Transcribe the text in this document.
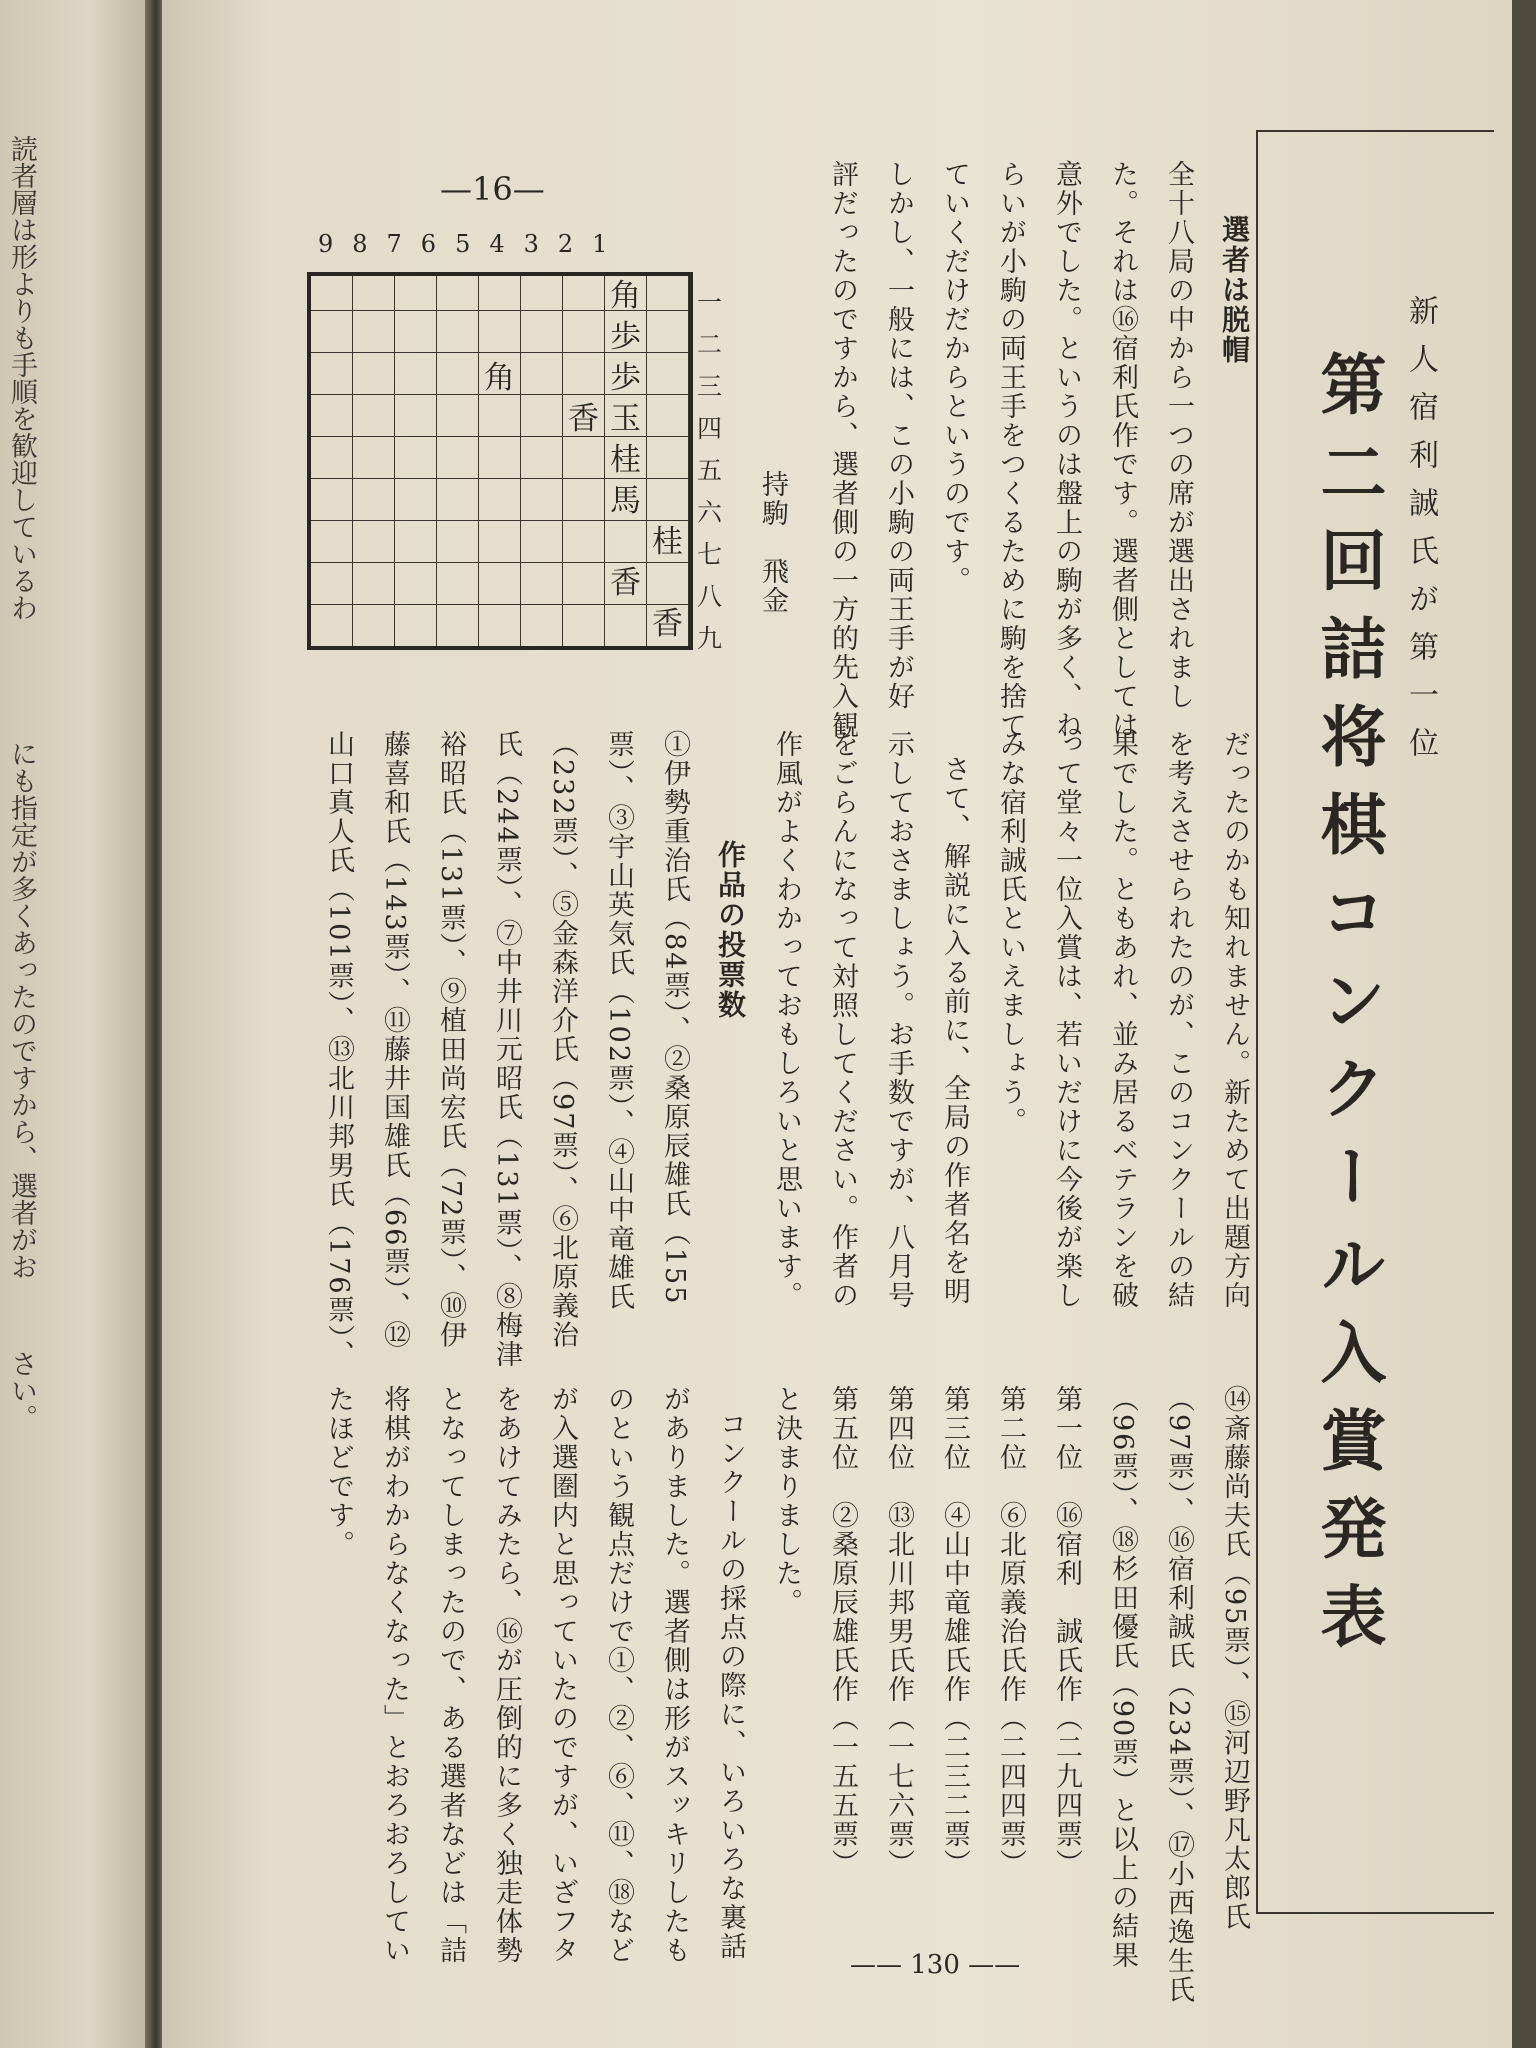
読者層は形よりも手順を歓迎しているわ
にも指定が多くあったのですから、選者がお
さい。
新人宿利誠氏が第一位
第二回詰将棋コンクール入賞発表
選者は脱帽
全十八局の中から一つの席が選出されまし
た。それは⑯宿利氏作です。選者側としては
意外でした。というのは盤上の駒が多く、ね
らいが小駒の両王手をつくるために駒を捨て
ていくだけだからというのです。
しかし、一般には、この小駒の両王手が好
評だったのですから、選者側の一方的先入観
—16—
987654321
角
歩
歩
玉
桂
馬
香
桂
香
香
角
一
二
三
四
五
六
七
八
九
持駒　飛金
⑭斎藤尚夫氏（95票）、⑮河辺野凡太郎氏
（97票）、⑯宿利誠氏（234票）、⑰小西逸生氏
（96票）、⑱杉田優氏（90票）と以上の結果
第一位　⑯宿利　誠氏作（二九四票）
第二位　⑥北原義治氏作（二四四票）
第三位　④山中竜雄氏作（二三二票）
第四位　⑬北川邦男氏作（一七六票）
第五位　②桑原辰雄氏作（一五五票）
と決まりました。
コンクールの採点の際に、いろいろな裏話
がありました。選者側は形がスッキリしたも
のという観点だけで①、②、⑥、⑪、⑱など
が入選圏内と思っていたのですが、いざフタ
をあけてみたら、⑯が圧倒的に多く独走体勢
となってしまったので、ある選者などは「詰
将棋がわからなくなった」とおろおろしてい
たほどです。
だったのかも知れません。新ためて出題方向
を考えさせられたのが、このコンクールの結
果でした。ともあれ、並み居るベテランを破
って堂々一位入賞は、若いだけに今後が楽し
みな宿利誠氏といえましょう。
さて、解説に入る前に、全局の作者名を明
示しておさましょう。お手数ですが、八月号
をごらんになって対照してください。作者の
作風がよくわかっておもしろいと思います。
作品の投票数
①伊勢重治氏（84票）、②桑原辰雄氏（155
票）、③宇山英気氏（102票）、④山中竜雄氏
（232票）、⑤金森洋介氏（97票）、⑥北原義治
氏（244票）、⑦中井川元昭氏（131票）、⑧梅津
裕昭氏（131票）、⑨植田尚宏氏（72票）、⑩伊
藤喜和氏（143票）、⑪藤井国雄氏（66票）、⑫
山口真人氏（101票）、⑬北川邦男氏（176票）、
—— 130 ——
